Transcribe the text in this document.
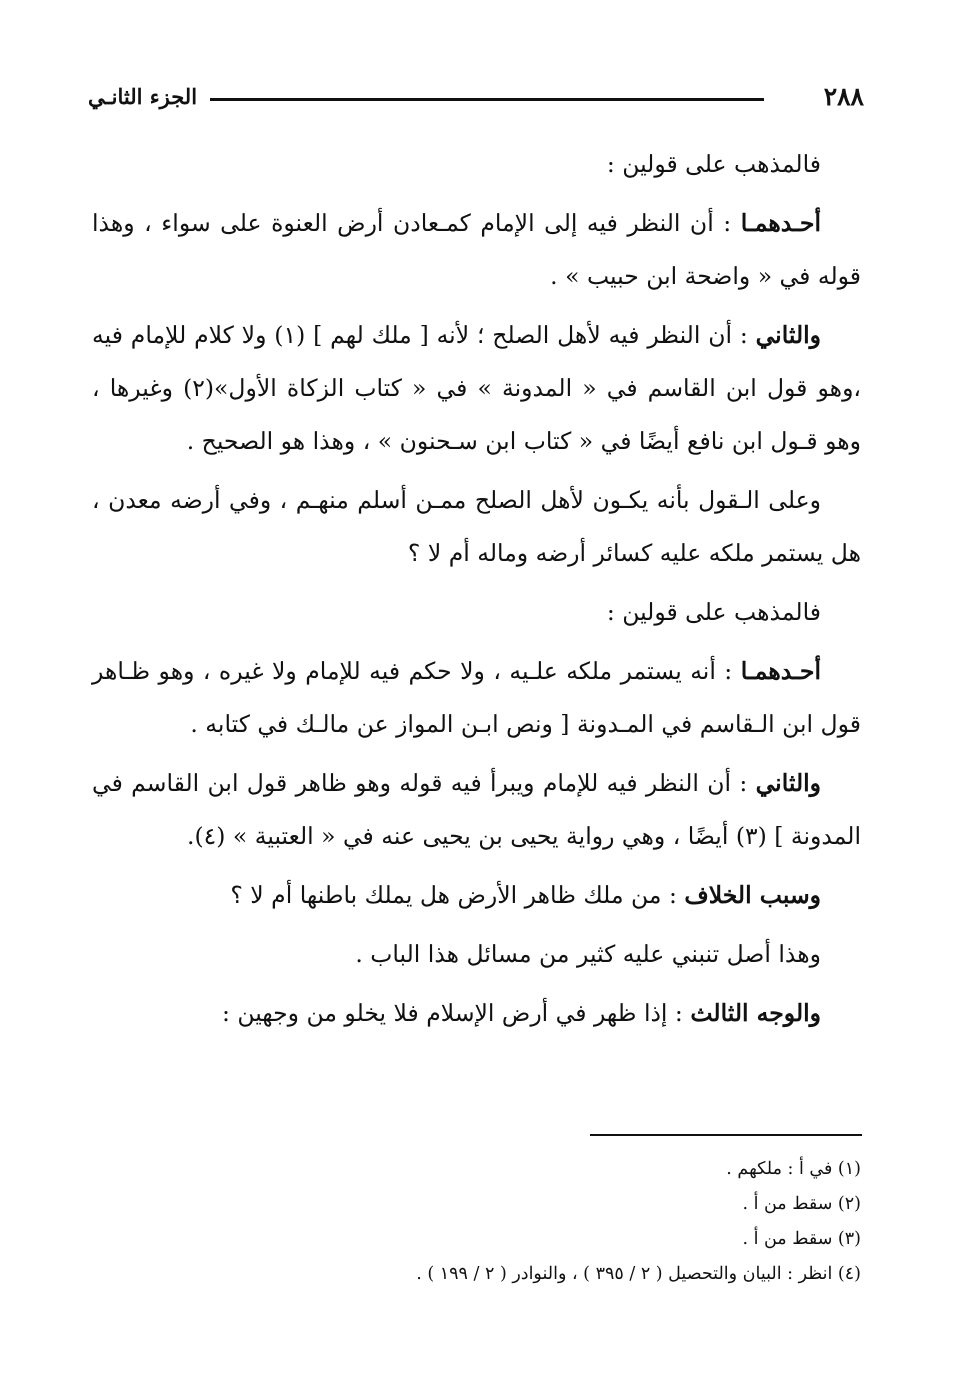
٢٨٨
الجزء الثانـي

فالمذهب على قولين :

أحـدهمـا : أن النظر فيه إلى الإمام كمـعادن أرض العنوة على سواء ، وهذا قوله في « واضحة ابن حبيب » .

والثاني : أن النظر فيه لأهل الصلح ؛ لأنه [ ملك لهم ] (١) ولا كلام للإمام فيه ،وهو قول ابن القاسم في « المدونة » في « كتاب الزكاة الأول»(٢) وغيرها ، وهو قـول ابن نافع أيضًا في « كتاب ابن سـحنون » ، وهذا هو الصحيح .

وعلى الـقول بأنه يكـون لأهل الصلح ممـن أسلم منهـم ، وفي أرضه معدن ، هل يستمر ملكه عليه كسائر أرضه وماله أم لا ؟

فالمذهب على قولين :

أحـدهمـا : أنه يستمر ملكه علـيه ، ولا حكم فيه للإمام ولا غيره ، وهو ظـاهر قول ابن الـقاسم في المـدونة [ ونص ابـن المواز عن مالـك في كتابه .

والثاني : أن النظر فيه للإمام ويبرأ فيه قوله وهو ظاهر قول ابن القاسم في المدونة ] (٣) أيضًا ، وهي رواية يحيى بن يحيى عنه في « العتبية » (٤).

وسبب الخلاف : من ملك ظاهر الأرض هل يملك باطنها أم لا ؟

وهذا أصل تنبني عليه كثير من مسائل هذا الباب .

والوجه الثالث : إذا ظهر في أرض الإسلام فلا يخلو من وجهين :

(١) في أ : ملكهم .
(٢) سقط من أ .
(٣) سقط من أ .
(٤) انظر : البيان والتحصيل ( ٢ / ٣٩٥ ) ، والنوادر ( ٢ / ١٩٩ ) .
